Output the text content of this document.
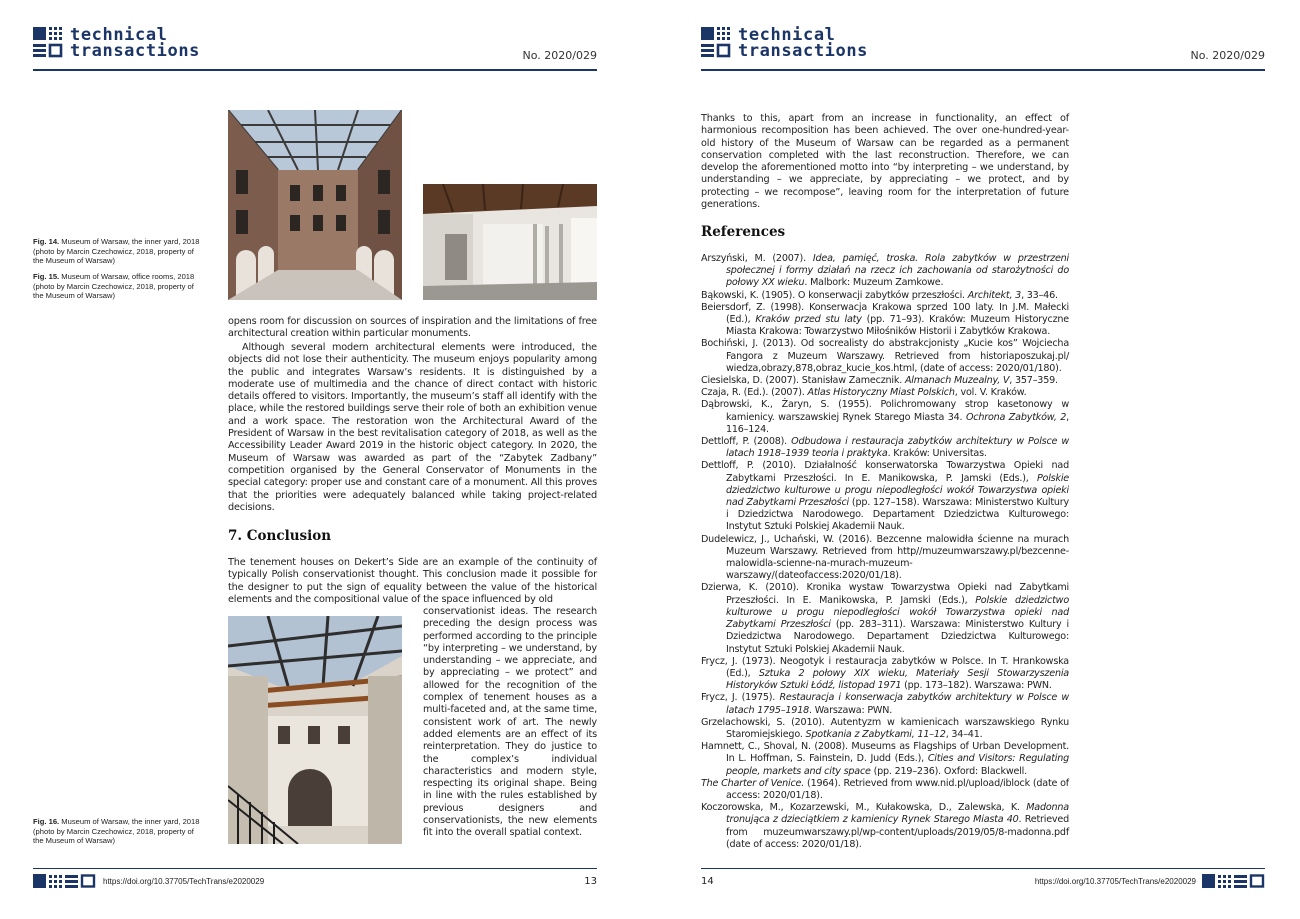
technical
transactions	No. 2020/029
Fig. 14. Museum of Warsaw, the inner yard, 2018 (photo by Marcin Czechowicz, 2018, property of the Museum of Warsaw)
Fig. 15. Museum of Warsaw, office rooms, 2018 (photo by Marcin Czechowicz, 2018, property of the Museum of Warsaw)

opens room for discussion on sources of inspiration and the limitations of free architectural creation within particular monuments.

Although several modern architectural elements were introduced, the objects did not lose their authenticity. The museum enjoys popularity among the public and integrates Warsaw’s residents. It is distinguished by a moderate use of multimedia and the chance of direct contact with historic details offered to visitors. Importantly, the museum’s staff all identify with the place, while the restored buildings serve their role of both an exhibition venue and a work space. The restoration won the Architectural Award of the President of Warsaw in the best revitalisation category of 2018, as well as the Accessibility Leader Award 2019 in the historic object category. In 2020, the Museum of Warsaw was awarded as part of the “Zabytek Zadbany” competition organised by the General Conservator of Monuments in the special category: proper use and constant care of a monument. All this proves that the priorities were adequately balanced while taking project-related decisions.

7. Conclusion

The tenement houses on Dekert’s Side are an example of the continuity of typically Polish conservationist thought. This conclusion made it possible for the designer to put the sign of equality between the value of the historical elements and the compositional value of the space influenced by old

conservationist ideas. The research preceding the design process was performed according to the principle “by interpreting – we understand, by understanding – we appreciate, and by appreciating – we protect” and allowed for the recognition of the complex of tenement houses as a multi-faceted and, at the same time, consistent work of art. The newly added elements are an effect of its reinterpretation. They do justice to the complex’s individual characteristics and modern style, respecting its original shape. Being in line with the rules established by previous designers and conservationists, the new elements fit into the overall spatial context.

Fig. 16. Museum of Warsaw, the inner yard, 2018 (photo by Marcin Czechowicz, 2018, property of the Museum of Warsaw)
https://doi.org/10.37705/TechTrans/e2020029	13
technical
transactions	No. 2020/029

Thanks to this, apart from an increase in functionality, an effect of harmonious recomposition has been achieved. The over one-hundred-year-old history of the Museum of Warsaw can be regarded as a permanent conservation completed with the last reconstruction. Therefore, we can develop the aforementioned motto into “by interpreting – we understand, by understanding – we appreciate, by appreciating – we protect, and by protecting – we recompose”, leaving room for the interpretation of future generations.

References
Arszyński, M. (2007). Idea, pamięć, troska. Rola zabytków w przestrzeni społecznej i formy działań na rzecz ich zachowania od starożytności do połowy XX wieku. Malbork: Muzeum Zamkowe.
Bąkowski, K. (1905). O konserwacji zabytków przeszłości. Architekt, 3, 33–46.
Beiersdorf, Z. (1998). Konserwacja Krakowa sprzed 100 laty. In J.M. Małecki (Ed.), Kraków przed stu laty (pp. 71–93). Kraków: Muzeum Historyczne Miasta Krakowa: Towarzystwo Miłośników Historii i Zabytków Krakowa.
Bochiński, J. (2013). Od socrealisty do abstrakcjonisty „Kucie kos” Wojciecha Fangora z Muzeum Warszawy. Retrieved from historiaposzukaj.pl/ wiedza,obrazy,878,obraz_kucie_kos.html, (date of access: 2020/01/180).
Ciesielska, D. (2007). Stanisław Zamecznik. Almanach Muzealny, V, 357–359.
Czaja, R. (Ed.). (2007). Atlas Historyczny Miast Polskich, vol. V. Kraków.
Dąbrowski, K., Żaryn, S. (1955). Polichromowany strop kasetonowy w kamienicy. warszawskiej Rynek Starego Miasta 34. Ochrona Zabytków, 2, 116–124.
Dettloff, P. (2008). Odbudowa i restauracja zabytków architektury w Polsce w latach 1918–1939 teoria i praktyka. Kraków: Universitas.
Dettloff, P. (2010). Działalność konserwatorska Towarzystwa Opieki nad Zabytkami Przeszłości. In E. Manikowska, P. Jamski (Eds.), Polskie dziedzictwo kulturowe u progu niepodległości wokół Towarzystwa opieki nad Zabytkami Przeszłości (pp. 127–158). Warszawa: Ministerstwo Kultury i Dziedzictwa Narodowego. Departament Dziedzictwa Kulturowego: Instytut Sztuki Polskiej Akademii Nauk.
Dudelewicz, J., Uchański, W. (2016). Bezcenne malowidła ścienne na murach Muzeum Warszawy. Retrieved from http//muzeumwarszawy.pl/bezcenne-malowidla-scienne-na-murach-muzeum-warszawy/(dateofaccess:2020/01/18).
Dzierwa, K. (2010). Kronika wystaw Towarzystwa Opieki nad Zabytkami Przeszłości. In E. Manikowska, P. Jamski (Eds.), Polskie dziedzictwo kulturowe u progu niepodległości wokół Towarzystwa opieki nad Zabytkami Przeszłości (pp. 283–311). Warszawa: Ministerstwo Kultury i Dziedzictwa Narodowego. Departament Dziedzictwa Kulturowego: Instytut Sztuki Polskiej Akademii Nauk.
Frycz, J. (1973). Neogotyk i restauracja zabytków w Polsce. In T. Hrankowska (Ed.), Sztuka 2 połowy XIX wieku, Materiały Sesji Stowarzyszenia Historyków Sztuki Łódź, listopad 1971 (pp. 173–182). Warszawa: PWN.
Frycz, J. (1975). Restauracja i konserwacja zabytków architektury w Polsce w latach 1795–1918. Warszawa: PWN.
Grzelachowski, S. (2010). Autentyzm w kamienicach warszawskiego Rynku Staromiejskiego. Spotkania z Zabytkami, 11–12, 34–41.
Hamnett, C., Shoval, N. (2008). Museums as Flagships of Urban Development. In L. Hoffman, S. Fainstein, D. Judd (Eds.), Cities and Visitors: Regulating people, markets and city space (pp. 219–236). Oxford: Blackwell.
The Charter of Venice. (1964). Retrieved from www.nid.pl/upload/iblock (date of access: 2020/01/18).
Koczorowska, M., Kozarzewski, M., Kułakowska, D., Zalewska, K. Madonna tronująca z dzieciątkiem z kamienicy Rynek Starego Miasta 40. Retrieved from muzeumwarszawy.pl/wp-content/uploads/2019/05/8-madonna.pdf (date of access: 2020/01/18).
14	https://doi.org/10.37705/TechTrans/e2020029
